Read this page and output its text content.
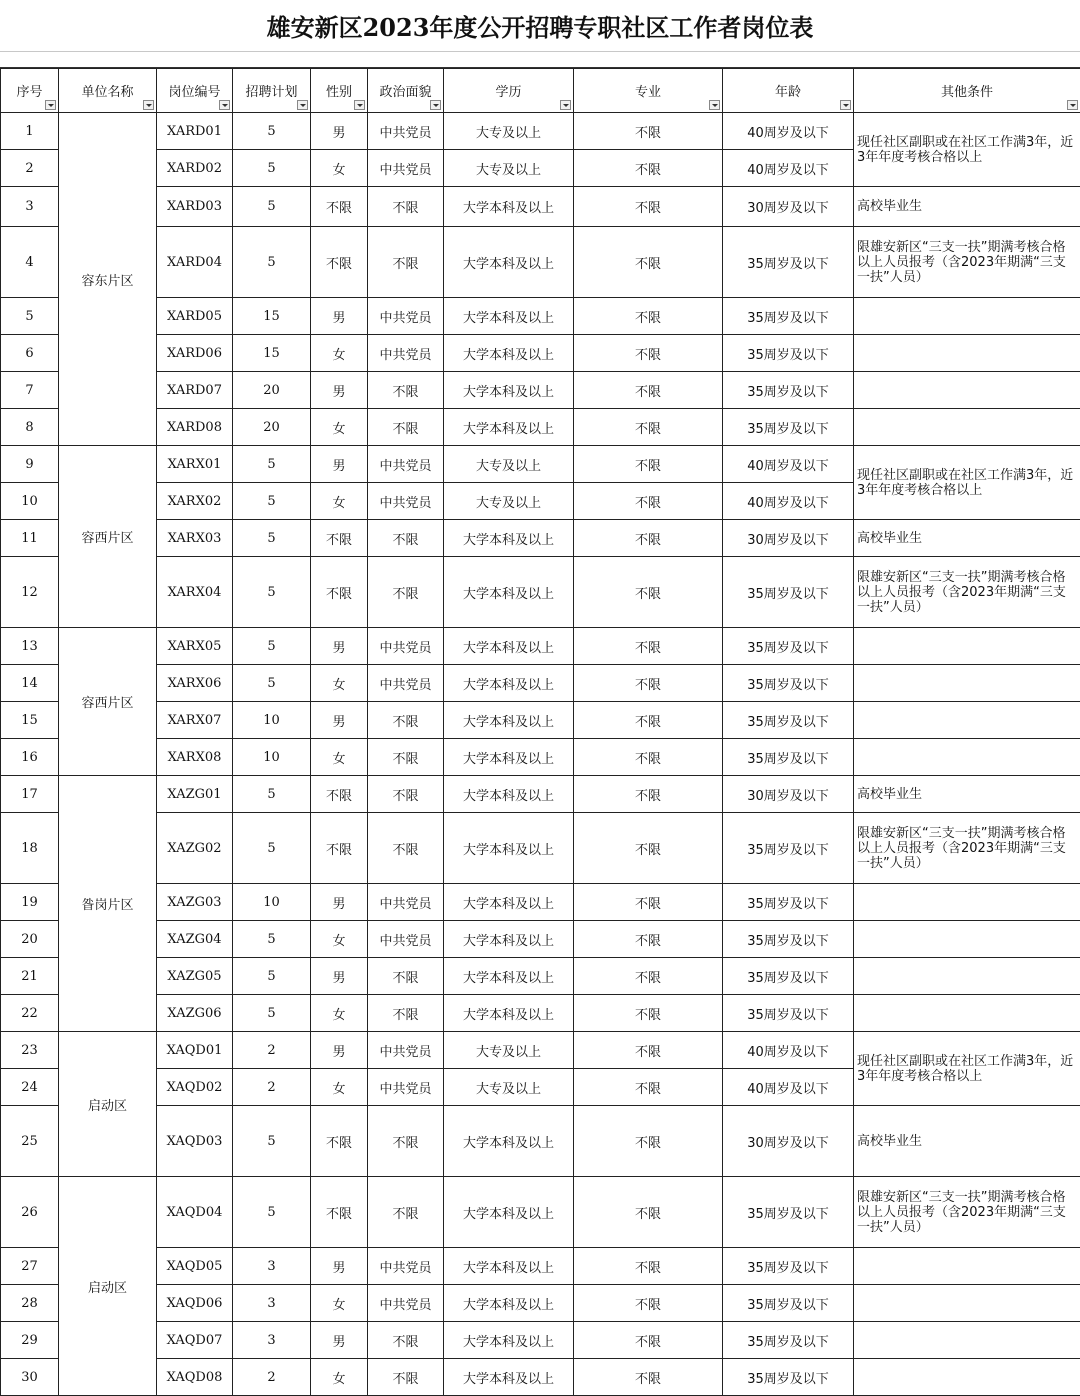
雄安新区2023年度公开招聘专职社区工作者岗位表
序号	单位名称	岗位编号	招聘计划	性别	政治面貌	学历	专业	年龄	其他条件

1	容东片区	XARD01	5	男	中共党员	大专及以上	不限	40周岁及以下	现任社区副职或在社区工作满3年，近3年年度考核合格以上
2		XARD02	5	女	中共党员	大专及以上	不限	40周岁及以下	
3		XARD03	5	不限	不限	大学本科及以上	不限	30周岁及以下	高校毕业生
4		XARD04	5	不限	不限	大学本科及以上	不限	35周岁及以下	限雄安新区“三支一扶”期满考核合格以上人员报考（含2023年期满“三支一扶”人员）
5		XARD05	15	男	中共党员	大学本科及以上	不限	35周岁及以下	
6		XARD06	15	女	中共党员	大学本科及以上	不限	35周岁及以下	
7		XARD07	20	男	不限	大学本科及以上	不限	35周岁及以下	
8		XARD08	20	女	不限	大学本科及以上	不限	35周岁及以下	
9	容西片区	XARX01	5	男	中共党员	大专及以上	不限	40周岁及以下	现任社区副职或在社区工作满3年，近3年年度考核合格以上
10		XARX02	5	女	中共党员	大专及以上	不限	40周岁及以下	
11		XARX03	5	不限	不限	大学本科及以上	不限	30周岁及以下	高校毕业生
12		XARX04	5	不限	不限	大学本科及以上	不限	35周岁及以下	限雄安新区“三支一扶”期满考核合格以上人员报考（含2023年期满“三支一扶”人员）
13	容西片区	XARX05	5	男	中共党员	大学本科及以上	不限	35周岁及以下	
14		XARX06	5	女	中共党员	大学本科及以上	不限	35周岁及以下	
15		XARX07	10	男	不限	大学本科及以上	不限	35周岁及以下	
16		XARX08	10	女	不限	大学本科及以上	不限	35周岁及以下	
17	昝岗片区	XAZG01	5	不限	不限	大学本科及以上	不限	30周岁及以下	高校毕业生
18		XAZG02	5	不限	不限	大学本科及以上	不限	35周岁及以下	限雄安新区“三支一扶”期满考核合格以上人员报考（含2023年期满“三支一扶”人员）
19		XAZG03	10	男	中共党员	大学本科及以上	不限	35周岁及以下	
20		XAZG04	5	女	中共党员	大学本科及以上	不限	35周岁及以下	
21		XAZG05	5	男	不限	大学本科及以上	不限	35周岁及以下	
22		XAZG06	5	女	不限	大学本科及以上	不限	35周岁及以下	
23	启动区	XAQD01	2	男	中共党员	大专及以上	不限	40周岁及以下	现任社区副职或在社区工作满3年，近3年年度考核合格以上
24		XAQD02	2	女	中共党员	大专及以上	不限	40周岁及以下	
25		XAQD03	5	不限	不限	大学本科及以上	不限	30周岁及以下	高校毕业生
26	启动区	XAQD04	5	不限	不限	大学本科及以上	不限	35周岁及以下	限雄安新区“三支一扶”期满考核合格以上人员报考（含2023年期满“三支一扶”人员）
27		XAQD05	3	男	中共党员	大学本科及以上	不限	35周岁及以下	
28		XAQD06	3	女	中共党员	大学本科及以上	不限	35周岁及以下	
29		XAQD07	3	男	不限	大学本科及以上	不限	35周岁及以下	
30		XAQD08	2	女	不限	大学本科及以上	不限	35周岁及以下	
